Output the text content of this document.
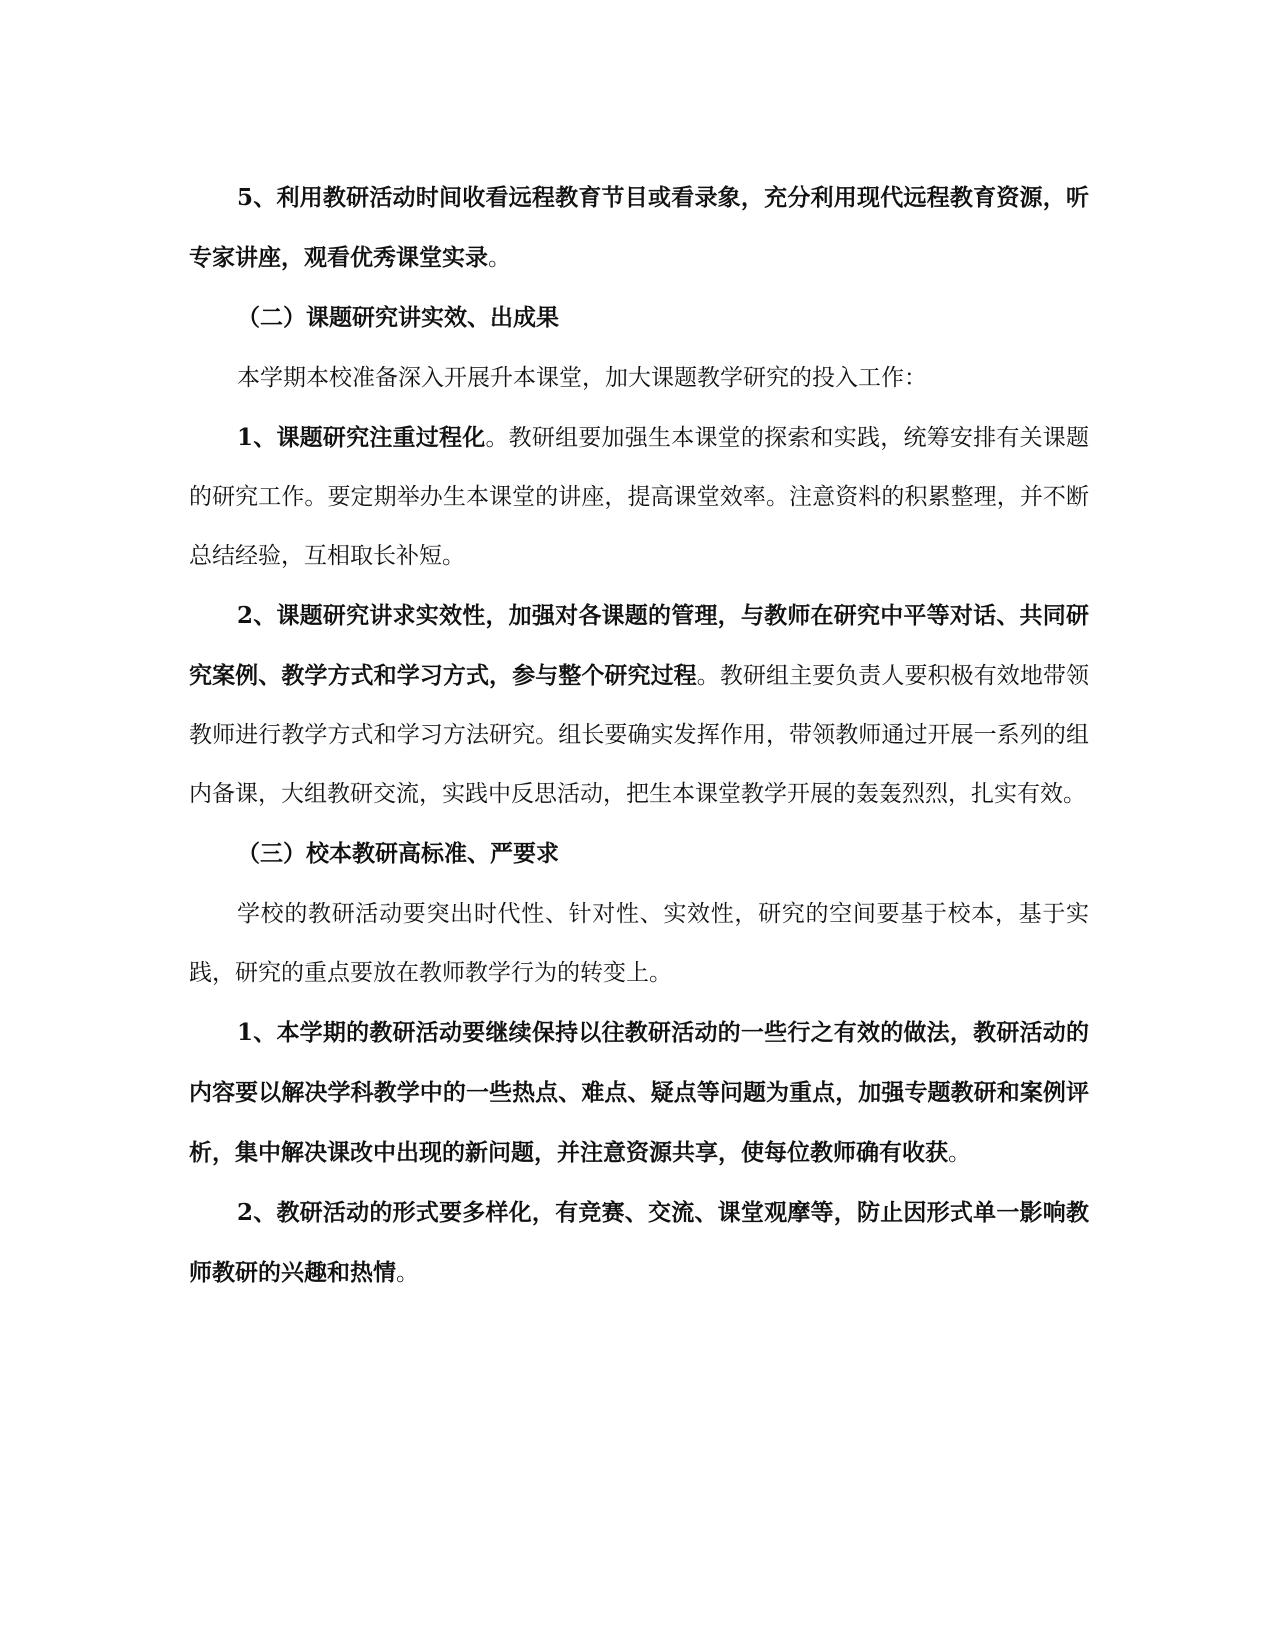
5、利用教研活动时间收看远程教育节目或看录象，充分利用现代远程教育资源，听专家讲座，观看优秀课堂实录。

（二）课题研究讲实效、出成果

本学期本校准备深入开展升本课堂，加大课题教学研究的投入工作：

1、课题研究注重过程化。教研组要加强生本课堂的探索和实践，统筹安排有关课题的研究工作。要定期举办生本课堂的讲座，提高课堂效率。注意资料的积累整理，并不断总结经验，互相取长补短。

2、课题研究讲求实效性，加强对各课题的管理，与教师在研究中平等对话、共同研究案例、教学方式和学习方式，参与整个研究过程。教研组主要负责人要积极有效地带领教师进行教学方式和学习方法研究。组长要确实发挥作用，带领教师通过开展一系列的组内备课，大组教研交流，实践中反思活动，把生本课堂教学开展的轰轰烈烈，扎实有效。

（三）校本教研高标准、严要求

学校的教研活动要突出时代性、针对性、实效性，研究的空间要基于校本，基于实践，研究的重点要放在教师教学行为的转变上。

1、本学期的教研活动要继续保持以往教研活动的一些行之有效的做法，教研活动的内容要以解决学科教学中的一些热点、难点、疑点等问题为重点，加强专题教研和案例评析，集中解决课改中出现的新问题，并注意资源共享，使每位教师确有收获。

2、教研活动的形式要多样化，有竞赛、交流、课堂观摩等，防止因形式单一影响教师教研的兴趣和热情。
